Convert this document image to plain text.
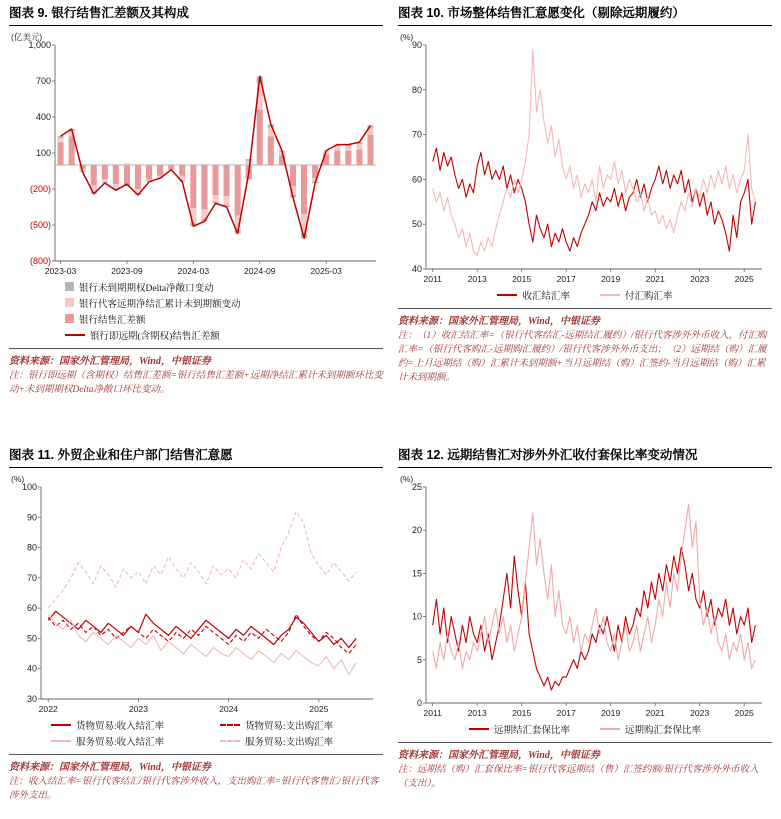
图表 9. 银行结售汇差额及其构成
1,000
700
400
100
(200)
(500)
(800)
2023-03	2023-09	2024-03	2024-09	2025-03
(亿美元)
银行未到期期权Delta净敞口变动
银行代客远期净结汇累计未到期额变动
银行结售汇差额
银行即远期(含期权)结售汇差额
资料来源：国家外汇管理局，Wind，中银证券
注：银行即远期（含期权）结售汇差额=银行结售汇差额+远期净结汇累计未到期额环比变动+未到期期权Delta净敞口环比变动。
图表 10. 市场整体结售汇意愿变化（剔除远期履约）
90
80
70
60
50
40
2011	2013	2015	2017	2019	2021	2023	2025
(%)
收汇结汇率	付汇购汇率
资料来源：国家外汇管理局，Wind，中银证券
注：（1）收汇结汇率=（银行代客结汇-远期结汇履约）/银行代客涉外外币收入，付汇购汇率=（银行代客购汇-远期购汇履约）/银行代客涉外外币支出；（2）远期结（购）汇履约=上月远期结（购）汇累计未到期额+当月远期结（购）汇签约-当月远期结（购）汇累计未到期额。
图表 11. 外贸企业和住户部门结售汇意愿
100
90
80
70
60
50
40
30
2022	2023	2024	2025
(%)
货物贸易:收入结汇率	货物贸易:支出购汇率
服务贸易:收入结汇率	服务贸易:支出购汇率
资料来源：国家外汇管理局，Wind，中银证券
注：收入结汇率=银行代客结汇/银行代客涉外收入，支出购汇率=银行代客售汇/银行代客涉外支出。
图表 12. 远期结售汇对涉外外汇收付套保比率变动情况
25
20
15
10
5
0
2011	2013	2015	2017	2019	2021	2023	2025
(%)
远期结汇套保比率	远期购汇套保比率
资料来源：国家外汇管理局，Wind，中银证券
注：远期结（购）汇套保比率=银行代客远期结（售）汇签约额/银行代客涉外外币收入（支出）。
